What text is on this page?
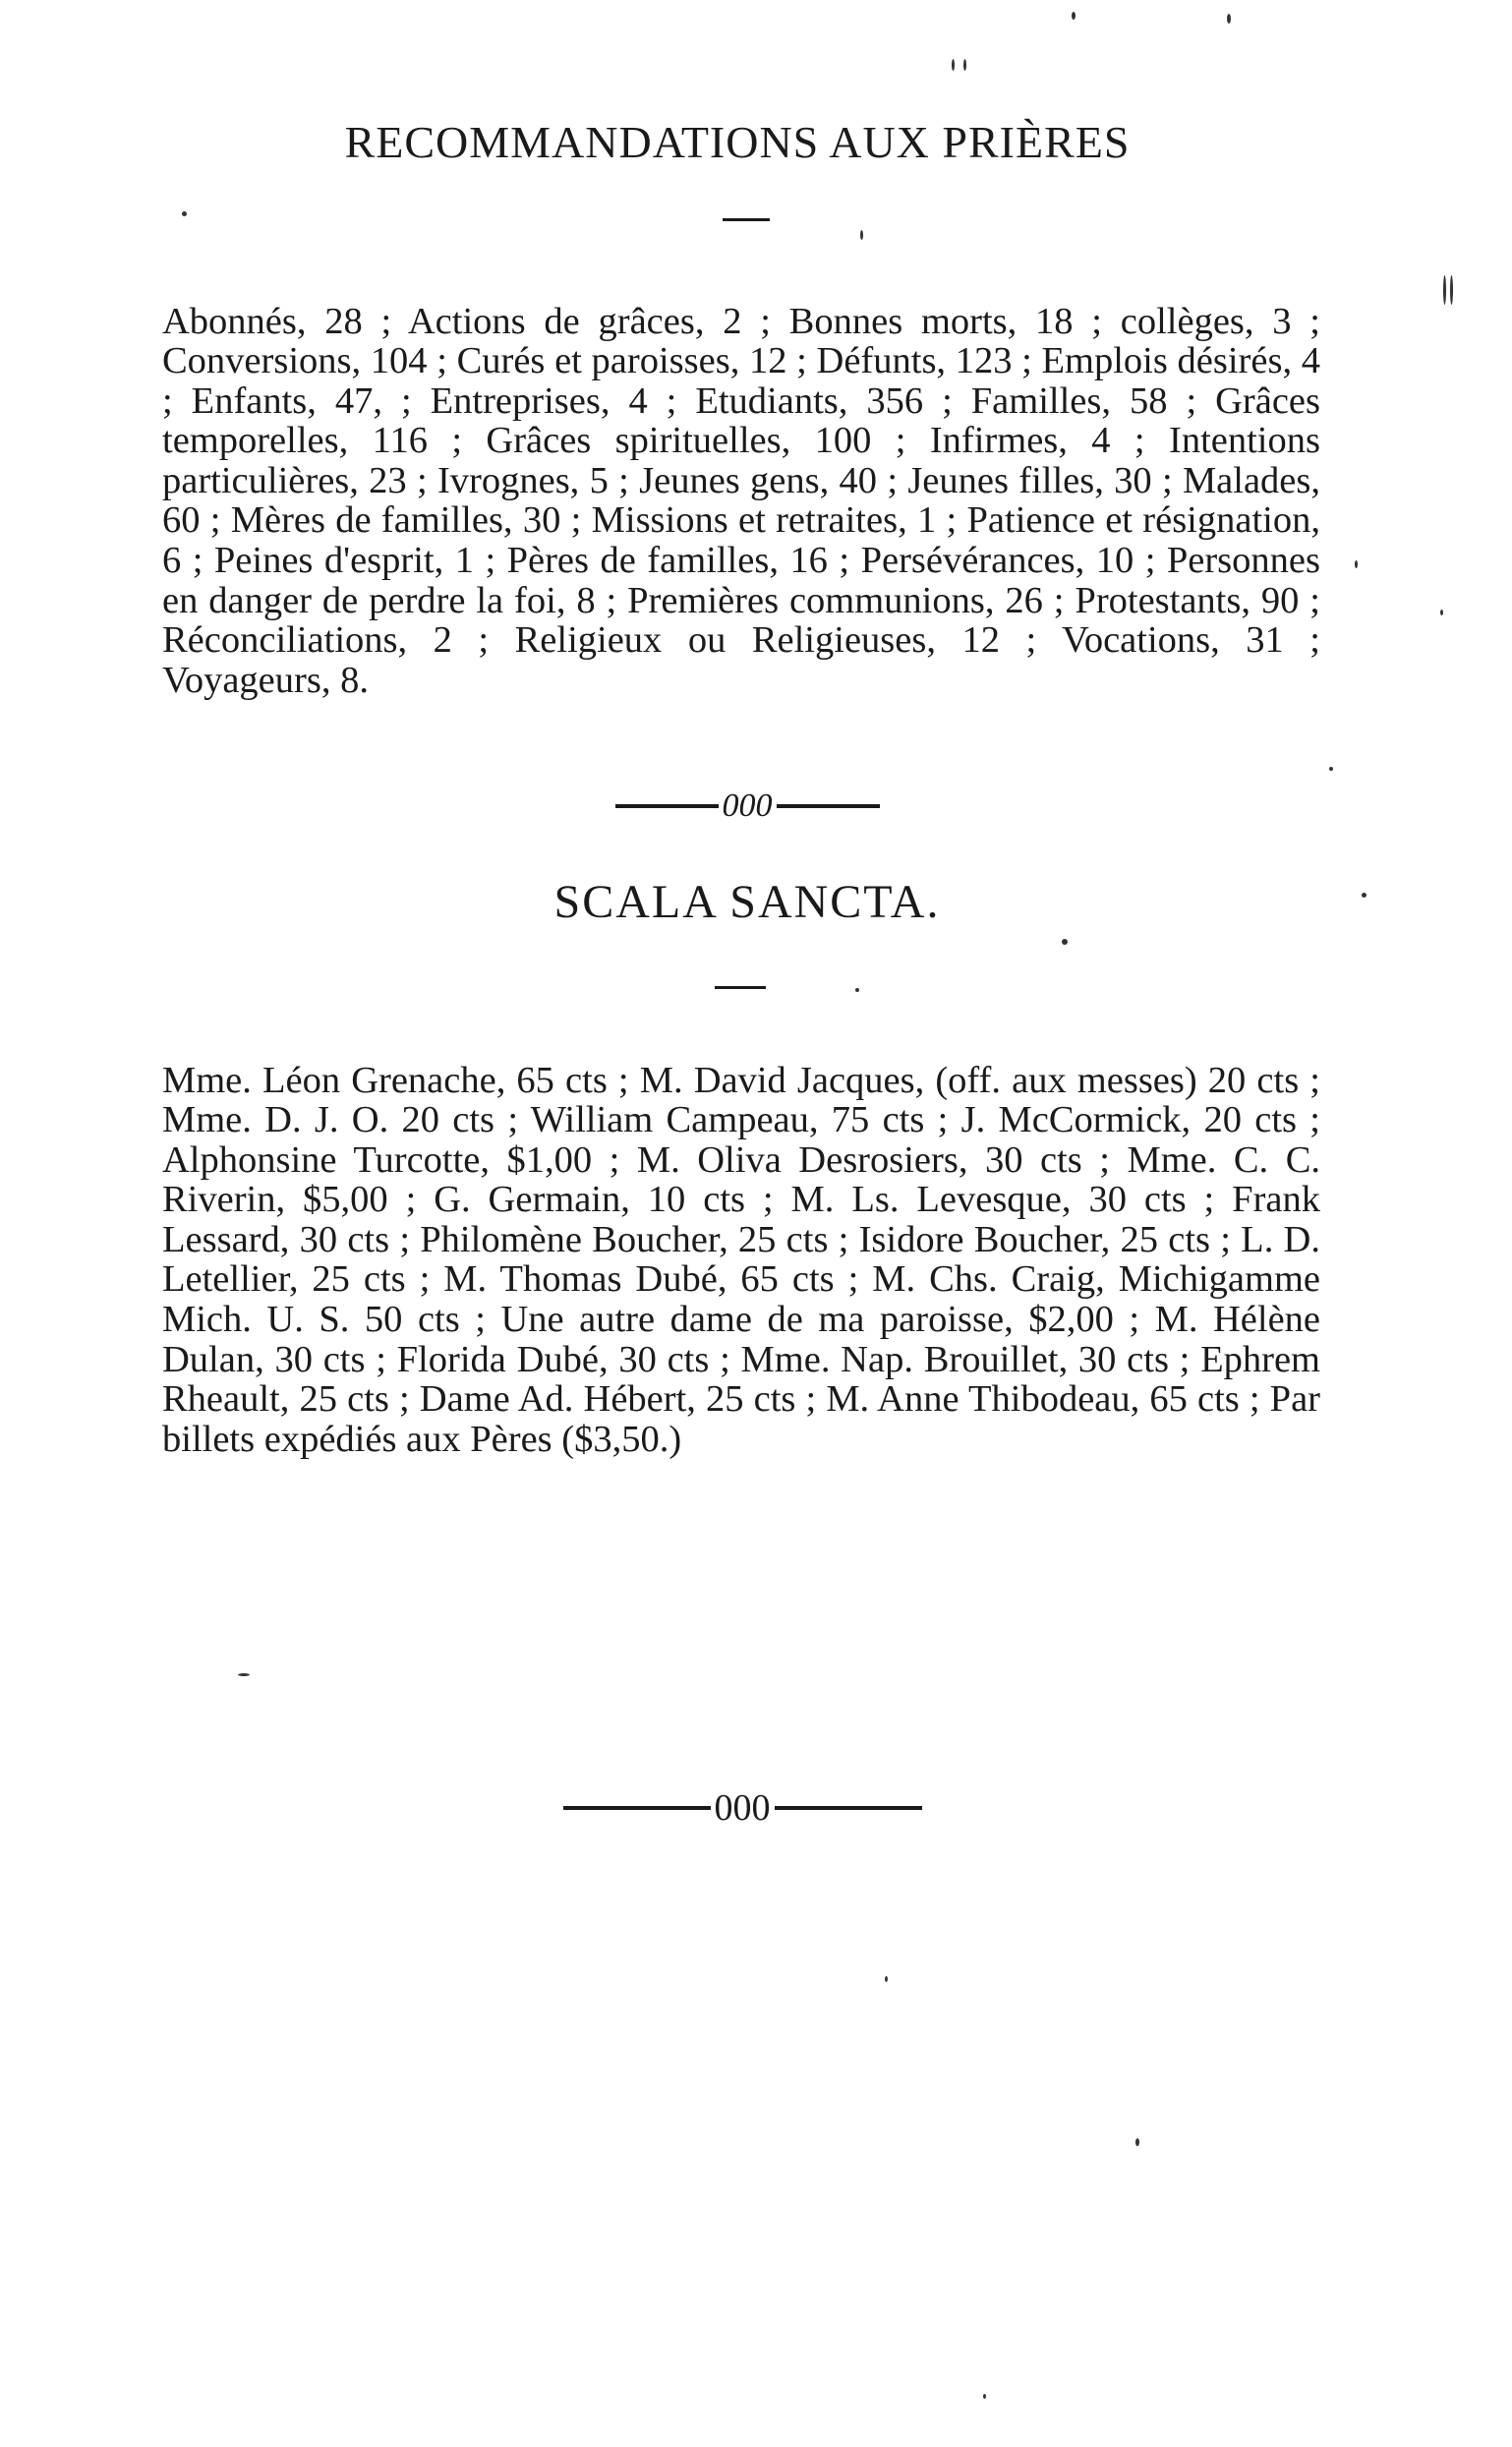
RECOMMANDATIONS AUX PRIÈRES

Abonnés, 28 ; Actions de grâces, 2 ; Bonnes morts, 18 ; collèges, 3 ; Conversions, 104 ; Curés et paroisses, 12 ; Défunts, 123 ; Emplois désirés, 4 ; Enfants, 47, ; Entreprises, 4 ; Etudiants, 356 ; Familles, 58 ; Grâces temporelles, 116 ; Grâces spirituelles, 100 ; Infirmes, 4 ; Intentions particulières, 23 ; Ivrognes, 5 ; Jeunes gens, 40 ; Jeunes filles, 30 ; Malades, 60 ; Mères de familles, 30 ; Missions et retraites, 1 ; Patience et résignation, 6 ; Peines d'esprit, 1 ; Pères de familles, 16 ; Persévérances, 10 ; Personnes en danger de perdre la foi, 8 ; Premières communions, 26 ; Protestants, 90 ; Réconciliations, 2 ; Religieux ou Religieuses, 12 ; Vocations, 31 ; Voyageurs, 8.

000
SCALA SANCTA.

Mme. Léon Grenache, 65 cts ; M. David Jacques, (off. aux messes) 20 cts ; Mme. D. J. O. 20 cts ; William Campeau, 75 cts ; J. McCormick, 20 cts ; Alphonsine Turcotte, $1,00 ; M. Oliva Desrosiers, 30 cts ; Mme. C. C. Riverin, $5,00 ; G. Germain, 10 cts ; M. Ls. Levesque, 30 cts ; Frank Lessard, 30 cts ; Philomène Boucher, 25 cts ; Isidore Boucher, 25 cts ; L. D. Letellier, 25 cts ; M. Thomas Dubé, 65 cts ; M. Chs. Craig, Michigamme Mich. U. S. 50 cts ; Une autre dame de ma paroisse, $2,00 ; M. Hélène Dulan, 30 cts ; Florida Dubé, 30 cts ; Mme. Nap. Brouillet, 30 cts ; Ephrem Rheault, 25 cts ; Dame Ad. Hébert, 25 cts ; M. Anne Thibodeau, 65 cts ; Par billets expédiés aux Pères ($3,50.)

000
